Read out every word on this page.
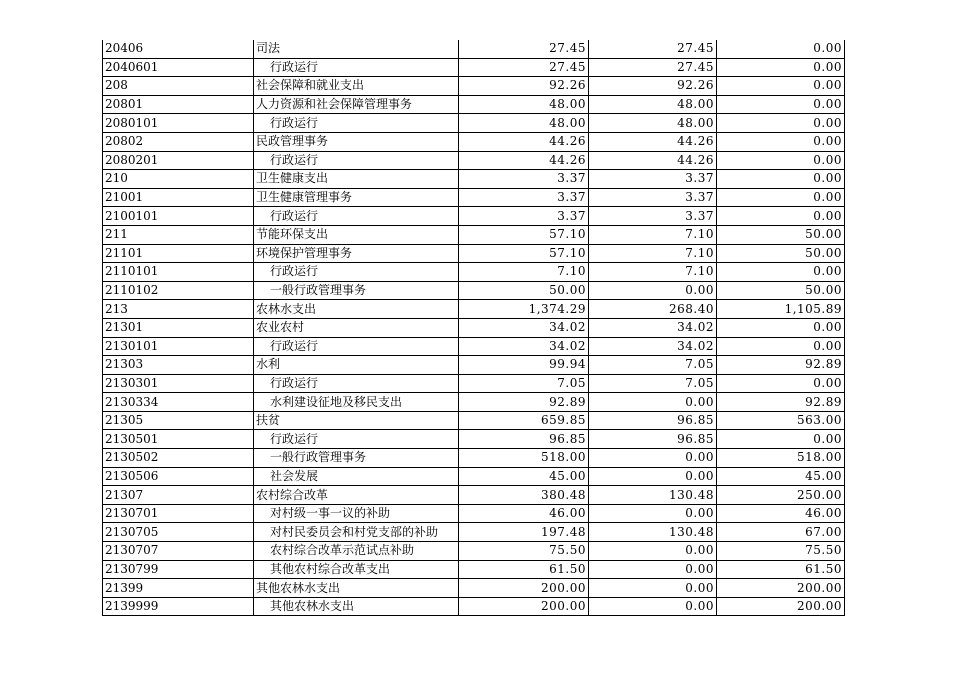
20406	司法	27.45	27.45	0.00
2040601	行政运行	27.45	27.45	0.00
208	社会保障和就业支出	92.26	92.26	0.00
20801	人力资源和社会保障管理事务	48.00	48.00	0.00
2080101	行政运行	48.00	48.00	0.00
20802	民政管理事务	44.26	44.26	0.00
2080201	行政运行	44.26	44.26	0.00
210	卫生健康支出	3.37	3.37	0.00
21001	卫生健康管理事务	3.37	3.37	0.00
2100101	行政运行	3.37	3.37	0.00
211	节能环保支出	57.10	7.10	50.00
21101	环境保护管理事务	57.10	7.10	50.00
2110101	行政运行	7.10	7.10	0.00
2110102	一般行政管理事务	50.00	0.00	50.00
213	农林水支出	1,374.29	268.40	1,105.89
21301	农业农村	34.02	34.02	0.00
2130101	行政运行	34.02	34.02	0.00
21303	水利	99.94	7.05	92.89
2130301	行政运行	7.05	7.05	0.00
2130334	水利建设征地及移民支出	92.89	0.00	92.89
21305	扶贫	659.85	96.85	563.00
2130501	行政运行	96.85	96.85	0.00
2130502	一般行政管理事务	518.00	0.00	518.00
2130506	社会发展	45.00	0.00	45.00
21307	农村综合改革	380.48	130.48	250.00
2130701	对村级一事一议的补助	46.00	0.00	46.00
2130705	对村民委员会和村党支部的补助	197.48	130.48	67.00
2130707	农村综合改革示范试点补助	75.50	0.00	75.50
2130799	其他农村综合改革支出	61.50	0.00	61.50
21399	其他农林水支出	200.00	0.00	200.00
2139999	其他农林水支出	200.00	0.00	200.00
